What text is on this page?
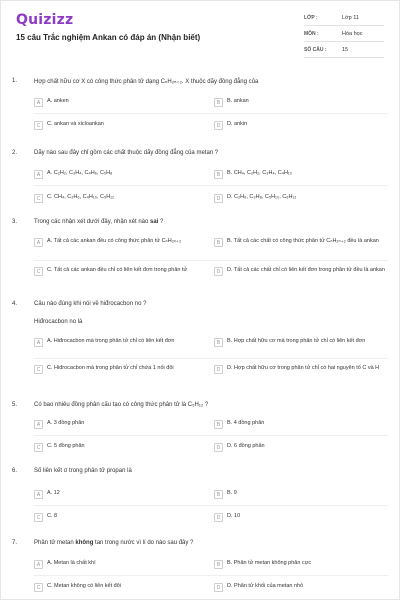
Quizizz
15 câu Trắc nghiệm Ankan có đáp án (Nhận biết)
LỚP :	Lớp 11
MÔN :	Hóa học
SỐ CÂU :	15
1.	Hợp chất hữu cơ X có công thức phân tử dạng CₙH₂ₙ₊₂. X thuộc dãy đồng đẳng của
A	A. anken	B	B. ankan
C	C. ankan và xicloankan	D	D. ankin
2.	Dãy nào sau đây chỉ gồm các chất thuộc dãy đồng đẳng của metan ?
A	A. C₂H₂, C₃H₄, C₄H₆, C₅H₈	B	B. CH₄, C₂H₂, C₃H₄, C₄H₁₀
C	C. CH₄, C₂H₆, C₄H₁₀, C₅H₁₂	D	D. C₂H₆, C₃H₈, C₅H₁₀, C₆H₁₂
3.	Trong các nhận xét dưới đây, nhận xét nào sai ?
A	A. Tất cả các ankan đều có công thức phân tử CₙH₂ₙ₊₂	B	B. Tất cả các chất có công thức phân tử CₙH₂ₙ₊₂ đều là ankan
C	C. Tất cả các ankan đều chỉ có liên kết đơn trong phân tử	D	D. Tất cả các chất chỉ có liên kết đơn trong phân tử đều là ankan
4.	Câu nào đúng khi nói về hiđrocacbon no ?
Hiđrocacbon no là
A	A. Hiđrocacbon mà trong phân tử chỉ có liên kết đơn	B	B. Hợp chất hữu cơ mà trong phân tử chỉ có liên kết đơn
C	C. Hiđrocacbon mà trong phân tử chỉ chứa 1 nối đôi	D	D. Hợp chất hữu cơ trong phân tử chỉ có hai nguyên tố C và H
5.	Có bao nhiêu đồng phân cấu tạo có công thức phân tử là C₅H₁₂ ?
A	A. 3 đồng phân	B	B. 4 đồng phân
C	C. 5 đồng phân	D	D. 6 đồng phân
6.	Số liên kết σ trong phân tử propan là
A	A. 12	B	B. 9
C	C. 8	D	D. 10
7.	Phân tử metan không tan trong nước vì lí do nào sau đây ?
A	A. Metan là chất khí	B	B. Phân tử metan không phân cực
C	C. Metan không có liên kết đôi	D	D. Phân tử khối của metan nhỏ
